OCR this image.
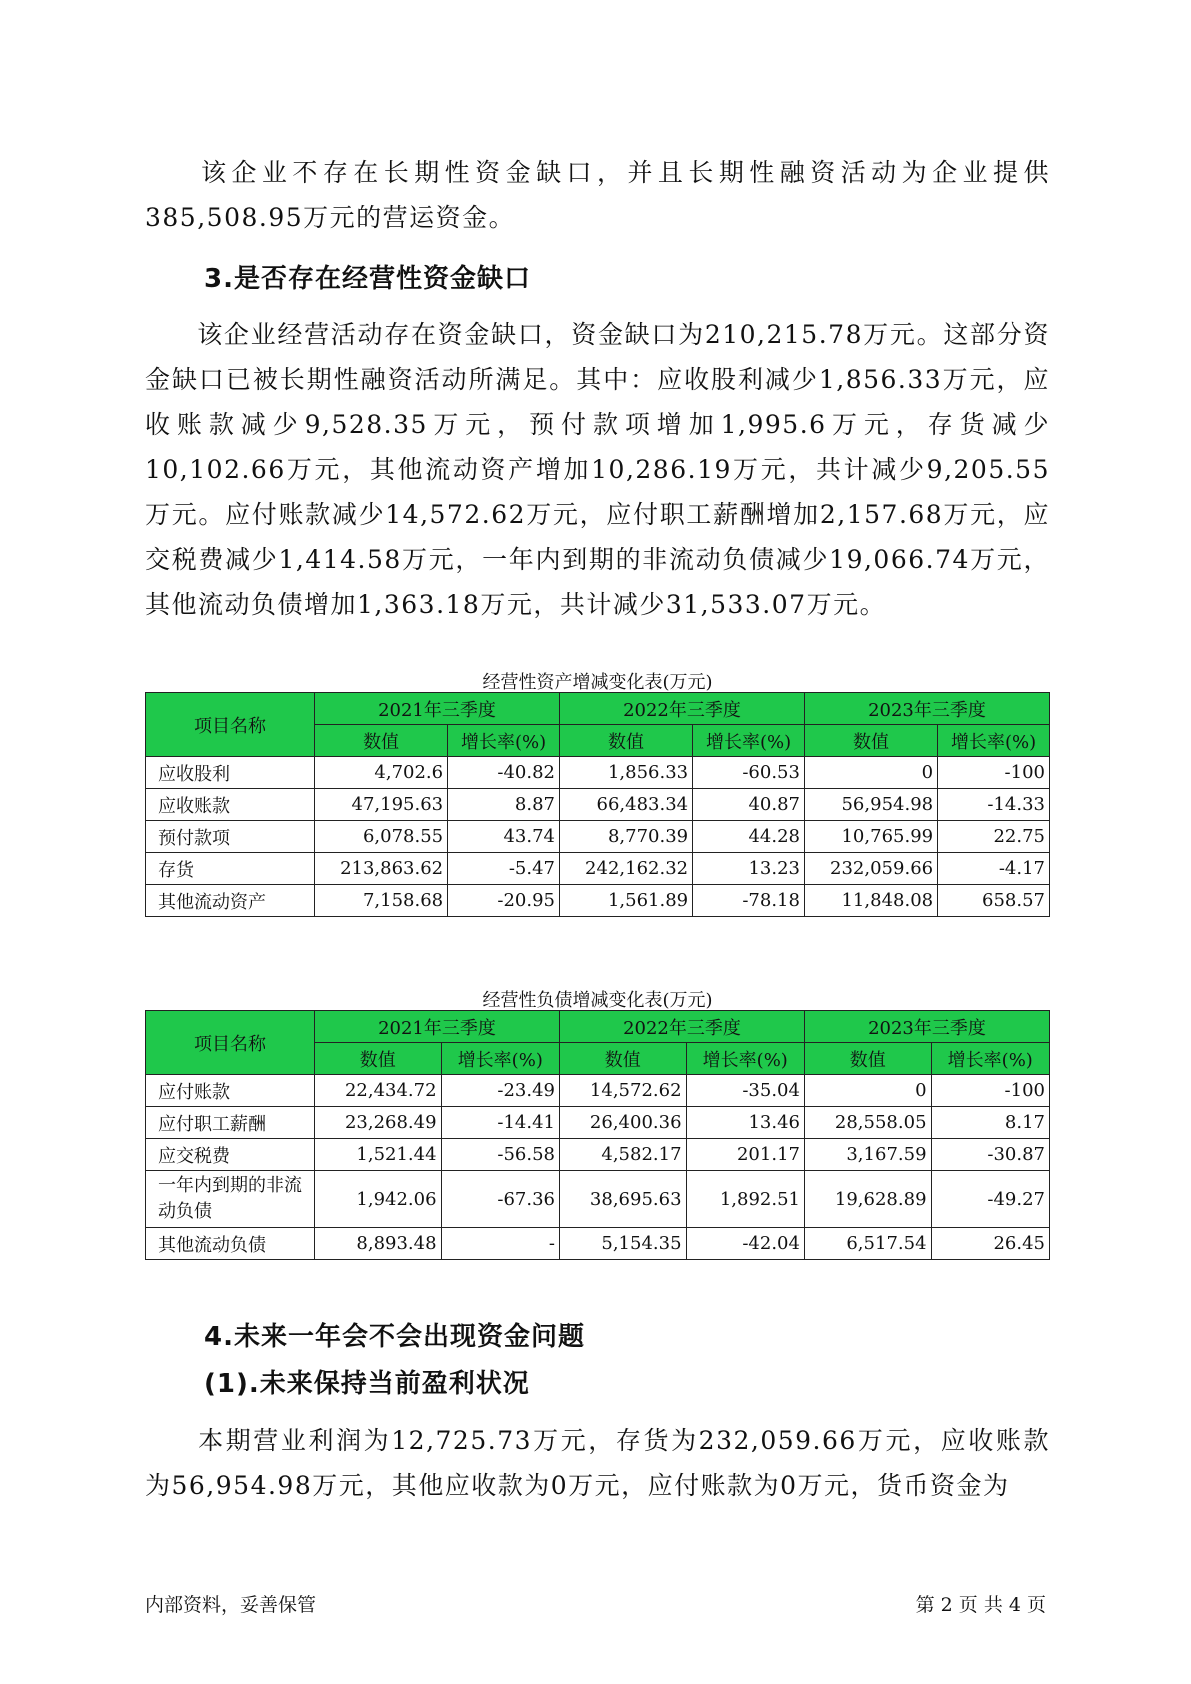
该企业不存在长期性资金缺口，并且长期性融资活动为企业提供385,508.95万元的营运资金。

3.是否存在经营性资金缺口

该企业经营活动存在资金缺口，资金缺口为210,215.78万元。这部分资金缺口已被长期性融资活动所满足。其中：应收股利减少1,856.33万元，应收账款减少9,528.35万元，预付款项增加1,995.6万元，存货减少10,102.66万元，其他流动资产增加10,286.19万元，共计减少9,205.55万元。应付账款减少14,572.62万元，应付职工薪酬增加2,157.68万元，应交税费减少1,414.58万元，一年内到期的非流动负债减少19,066.74万元，其他流动负债增加1,363.18万元，共计减少31,533.07万元。

经营性资产增减变化表(万元)

项目名称	2021年三季度		2022年三季度		2023年三季度	
	数值	增长率(%)	数值	增长率(%)	数值	增长率(%)
应收股利	4,702.6	-40.82	1,856.33	-60.53	0	-100
应收账款	47,195.63	8.87	66,483.34	40.87	56,954.98	-14.33
预付款项	6,078.55	43.74	8,770.39	44.28	10,765.99	22.75
存货	213,863.62	-5.47	242,162.32	13.23	232,059.66	-4.17
其他流动资产	7,158.68	-20.95	1,561.89	-78.18	11,848.08	658.57

经营性负债增减变化表(万元)

项目名称	2021年三季度		2022年三季度		2023年三季度	
	数值	增长率(%)	数值	增长率(%)	数值	增长率(%)
应付账款	22,434.72	-23.49	14,572.62	-35.04	0	-100
应付职工薪酬	23,268.49	-14.41	26,400.36	13.46	28,558.05	8.17
应交税费	1,521.44	-56.58	4,582.17	201.17	3,167.59	-30.87
一年内到期的非流动负债	1,942.06	-67.36	38,695.63	1,892.51	19,628.89	-49.27
其他流动负债	8,893.48	-	5,154.35	-42.04	6,517.54	26.45
4.未来一年会不会出现资金问题
(1).未来保持当前盈利状况

本期营业利润为12,725.73万元，存货为232,059.66万元，应收账款为56,954.98万元，其他应收款为0万元，应付账款为0万元，货币资金为

内部资料，妥善保管	第 2 页 共 4 页
